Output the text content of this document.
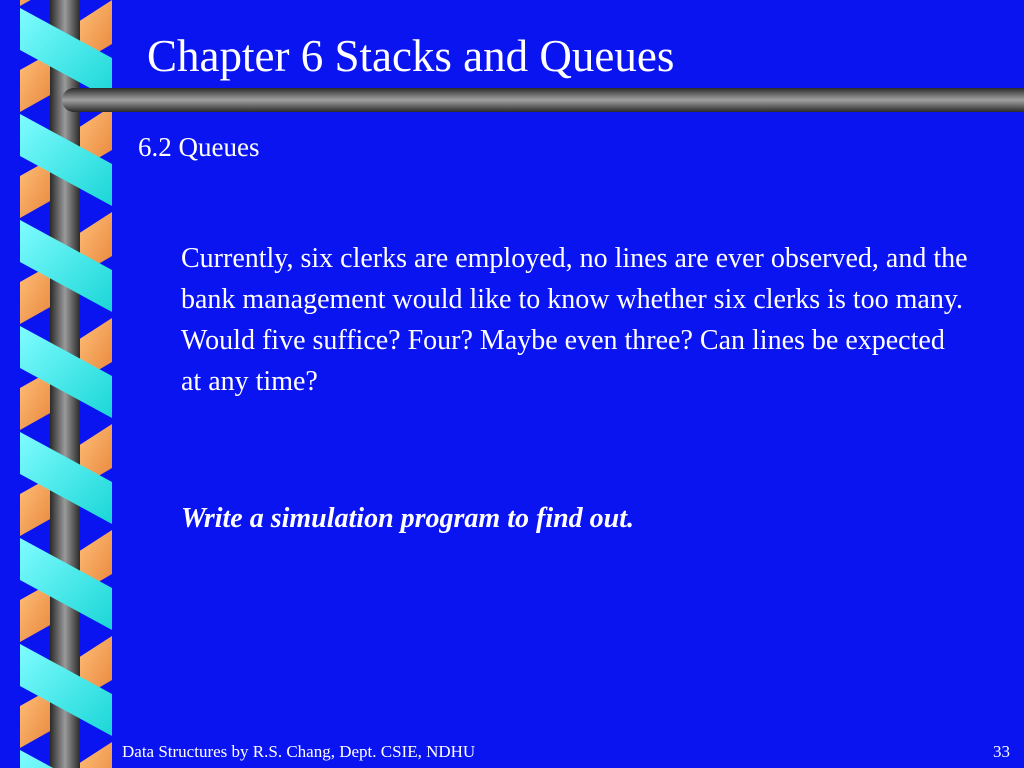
Chapter 6 Stacks and Queues
6.2 Queues
Currently, six clerks are employed, no lines are ever observed, and the bank management would like to know whether six clerks is too many. Would five suffice? Four? Maybe even three? Can lines be expected at any time?
Write a simulation program to find out.
Data Structures by R.S. Chang, Dept. CSIE, NDHU	33
